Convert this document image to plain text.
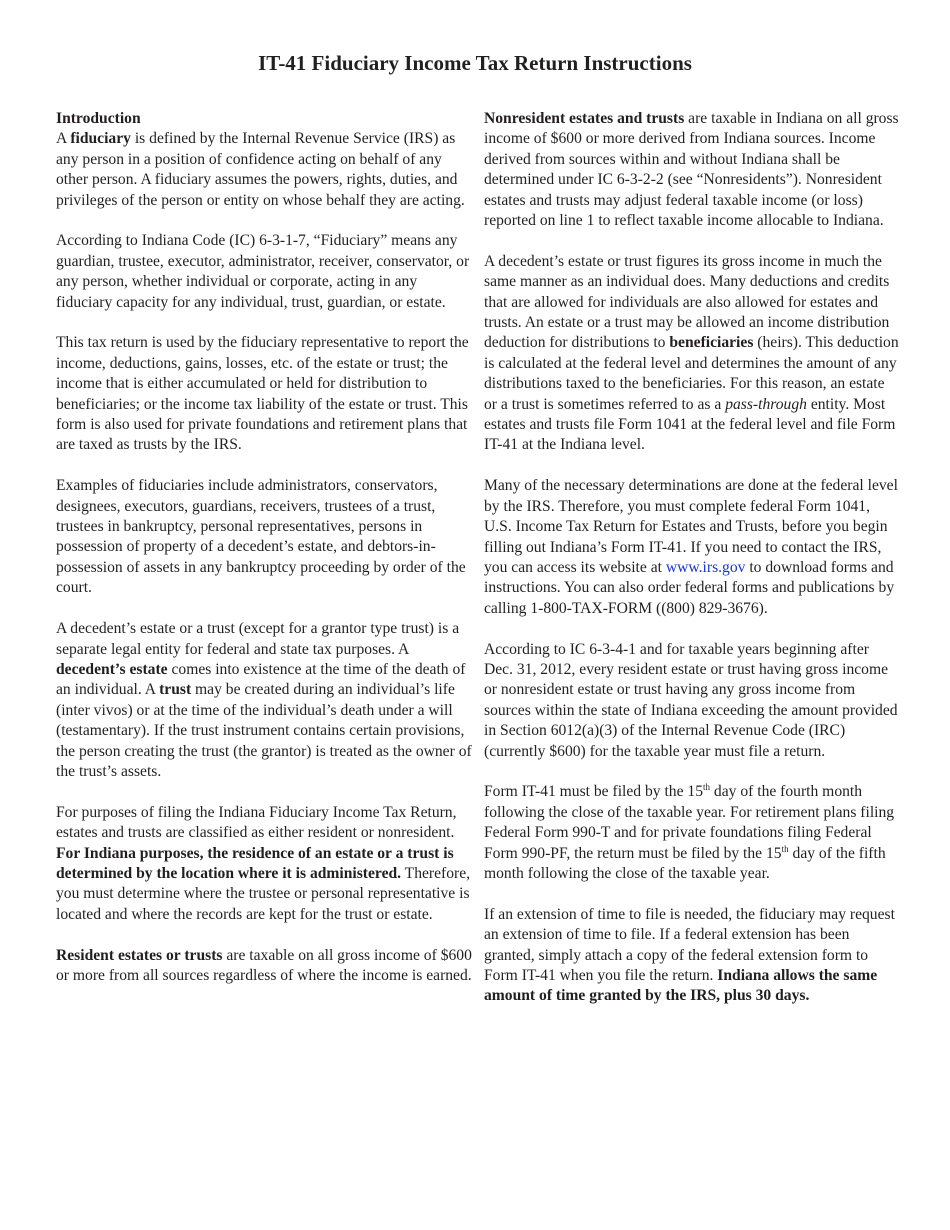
IT-41 Fiduciary Income Tax Return Instructions
Introduction

A fiduciary is defined by the Internal Revenue Service (IRS) as any person in a position of confidence acting on behalf of any other person. A fiduciary assumes the powers, rights, duties, and privileges of the person or entity on whose behalf they are acting.

According to Indiana Code (IC) 6-3-1-7, “Fiduciary” means any guardian, trustee, executor, administrator, receiver, conservator, or any person, whether individual or corporate, acting in any fiduciary capacity for any individual, trust, guardian, or estate.

This tax return is used by the fiduciary representative to report the income, deductions, gains, losses, etc. of the estate or trust; the income that is either accumulated or held for distribution to beneficiaries; or the income tax liability of the estate or trust. This form is also used for private foundations and retirement plans that are taxed as trusts by the IRS.

Examples of fiduciaries include administrators, conservators, designees, executors, guardians, receivers, trustees of a trust, trustees in bankruptcy, personal representatives, persons in possession of property of a decedent’s estate, and debtors-in-possession of assets in any bankruptcy proceeding by order of the court.

A decedent’s estate or a trust (except for a grantor type trust) is a separate legal entity for federal and state tax purposes. A decedent’s estate comes into existence at the time of the death of an individual. A trust may be created during an individual’s life (inter vivos) or at the time of the individual’s death under a will (testamentary). If the trust instrument contains certain provisions, the person creating the trust (the grantor) is treated as the owner of the trust’s assets.

For purposes of filing the Indiana Fiduciary Income Tax Return, estates and trusts are classified as either resident or nonresident. For Indiana purposes, the residence of an estate or a trust is determined by the location where it is administered. Therefore, you must determine where the trustee or personal representative is located and where the records are kept for the trust or estate.

Resident estates or trusts are taxable on all gross income of $600 or more from all sources regardless of where the income is earned.

Nonresident estates and trusts are taxable in Indiana on all gross income of $600 or more derived from Indiana sources. Income derived from sources within and without Indiana shall be determined under IC 6-3-2-2 (see “Nonresidents”). Nonresident estates and trusts may adjust federal taxable income (or loss) reported on line 1 to reflect taxable income allocable to Indiana.

A decedent’s estate or trust figures its gross income in much the same manner as an individual does. Many deductions and credits that are allowed for individuals are also allowed for estates and trusts. An estate or a trust may be allowed an income distribution deduction for distributions to beneficiaries (heirs). This deduction is calculated at the federal level and determines the amount of any distributions taxed to the beneficiaries. For this reason, an estate or a trust is sometimes referred to as a pass-through entity. Most estates and trusts file Form 1041 at the federal level and file Form IT-41 at the Indiana level.

Many of the necessary determinations are done at the federal level by the IRS. Therefore, you must complete federal Form 1041, U.S. Income Tax Return for Estates and Trusts, before you begin filling out Indiana’s Form IT-41. If you need to contact the IRS, you can access its website at www.irs.gov to download forms and instructions. You can also order federal forms and publications by calling 1-800-TAX-FORM ((800) 829-3676).

According to IC 6-3-4-1 and for taxable years beginning after Dec. 31, 2012, every resident estate or trust having gross income or nonresident estate or trust having any gross income from sources within the state of Indiana exceeding the amount provided in Section 6012(a)(3) of the Internal Revenue Code (IRC)(currently $600) for the taxable year must file a return.

Form IT-41 must be filed by the 15th day of the fourth month following the close of the taxable year. For retirement plans filing Federal Form 990-T and for private foundations filing Federal Form 990-PF, the return must be filed by the 15th day of the fifth month following the close of the taxable year.

If an extension of time to file is needed, the fiduciary may request an extension of time to file. If a federal extension has been granted, simply attach a copy of the federal extension form to Form IT-41 when you file the return. Indiana allows the same amount of time granted by the IRS, plus 30 days.
